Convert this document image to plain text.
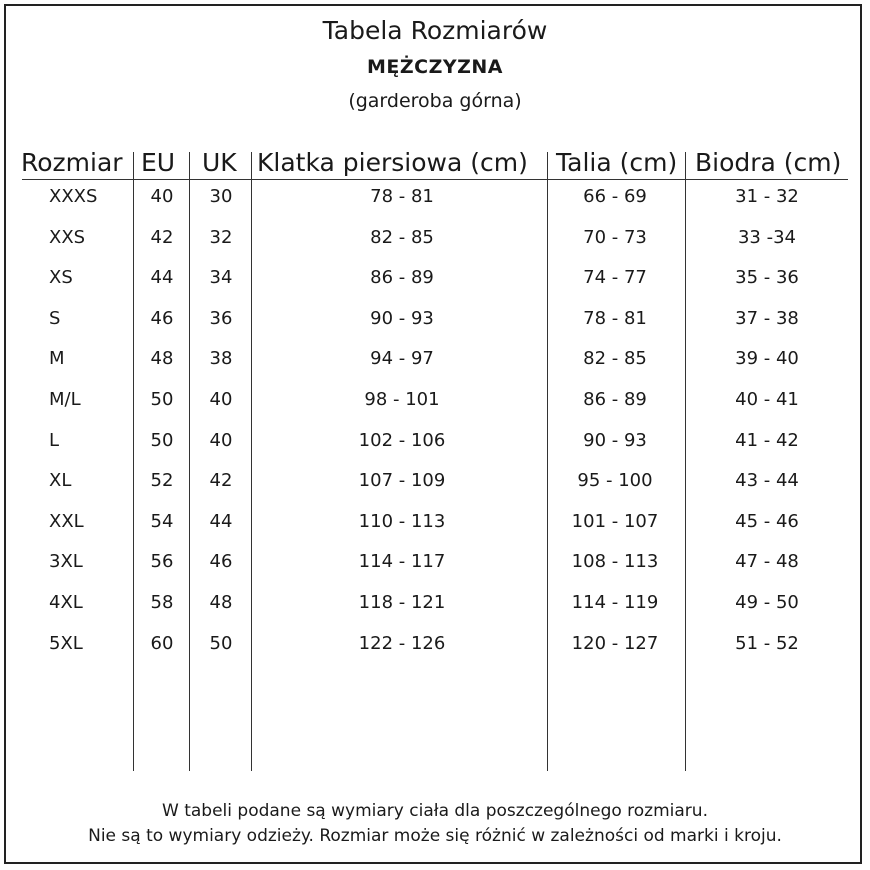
Tabela Rozmiarów
MĘŻCZYZNA
(garderoba górna)
Rozmiar EU UK Klatka piersiowa (cm) Talia (cm) Biodra (cm)
XXXS	40	30	78 - 81	66 - 69	31 - 32
XXS	42	32	82 - 85	70 - 73	33 -34
XS	44	34	86 - 89	74 - 77	35 - 36
S	46	36	90 - 93	78 - 81	37 - 38
M	48	38	94 - 97	82 - 85	39 - 40
M/L	50	40	98 - 101	86 - 89	40 - 41
L	50	40	102 - 106	90 - 93	41 - 42
XL	52	42	107 - 109	95 - 100	43 - 44
XXL	54	44	110 - 113	101 - 107	45 - 46
3XL	56	46	114 - 117	108 - 113	47 - 48
4XL	58	48	118 - 121	114 - 119	49 - 50
5XL	60	50	122 - 126	120 - 127	51 - 52
W tabeli podane są wymiary ciała dla poszczególnego rozmiaru.
Nie są to wymiary odzieży. Rozmiar może się różnić w zależności od marki i kroju.
